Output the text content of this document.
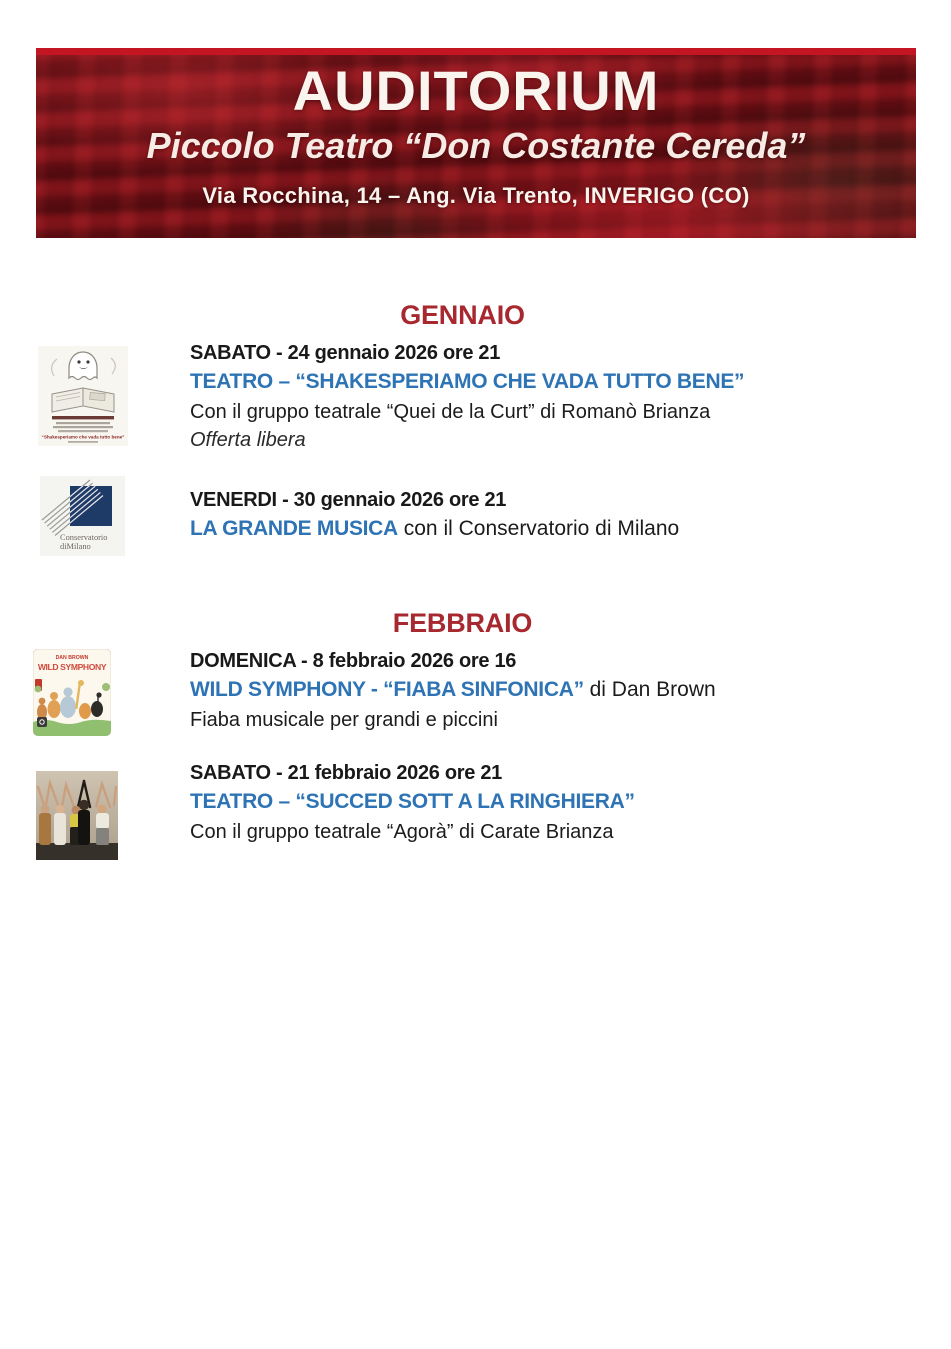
AUDITORIUM
Piccolo Teatro “Don Costante Cereda”
Via Rocchina, 14 – Ang. Via Trento, INVERIGO (CO)
GENNAIO
“Shakesperiamo che vada tutto bene”
SABATO - 24 gennaio 2026 ore 21
TEATRO – “SHAKESPERIAMO CHE VADA TUTTO BENE”
Con il gruppo teatrale “Quei de la Curt” di Romanò Brianza
Offerta libera
Conservatorio
diMilano
VENERDI - 30 gennaio 2026 ore 21
LA GRANDE MUSICA con il Conservatorio di Milano
FEBBRAIO
DAN BROWN
WILD SYMPHONY	DOMENICA - 8 febbraio 2026 ore 16
WILD SYMPHONY - “FIABA SINFONICA” di Dan Brown
Fiaba musicale per grandi e piccini
SABATO - 21 febbraio 2026 ore 21
TEATRO – “SUCCED SOTT A LA RINGHIERA”
Con il gruppo teatrale “Agorà” di Carate Brianza
